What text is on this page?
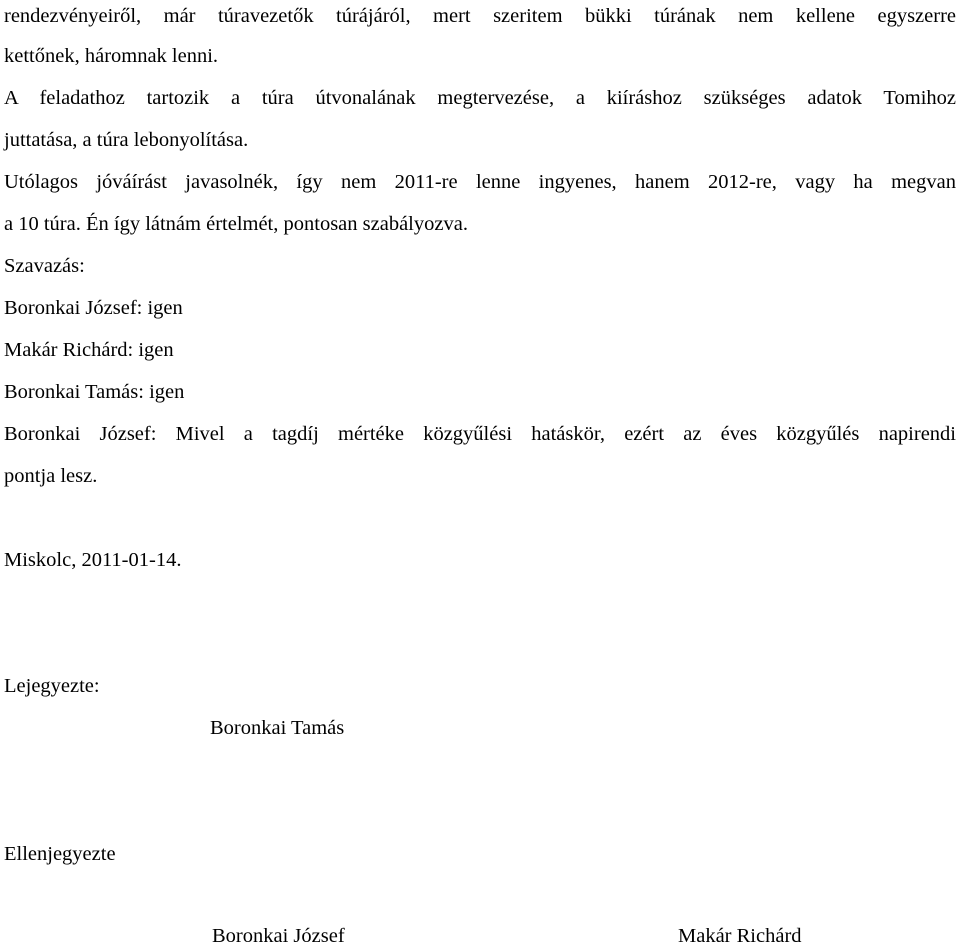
rendezvényeiről, már túravezetők túrájáról, mert szeritem bükki túrának nem kellene egyszerre
kettőnek, háromnak lenni.
A feladathoz tartozik a túra útvonalának megtervezése, a kiíráshoz szükséges adatok Tomihoz
juttatása, a túra lebonyolítása.
Utólagos jóváírást javasolnék, így nem 2011-re lenne ingyenes, hanem 2012-re, vagy ha megvan
a 10 túra. Én így látnám értelmét, pontosan szabályozva.
Szavazás:
Boronkai József: igen
Makár Richárd: igen
Boronkai Tamás: igen
Boronkai József: Mivel a tagdíj mértéke közgyűlési hatáskör, ezért az éves közgyűlés napirendi
pontja lesz.
Miskolc, 2011-01-14.
Lejegyezte:
Boronkai Tamás
Ellenjegyezte
Boronkai József	Makár Richárd
